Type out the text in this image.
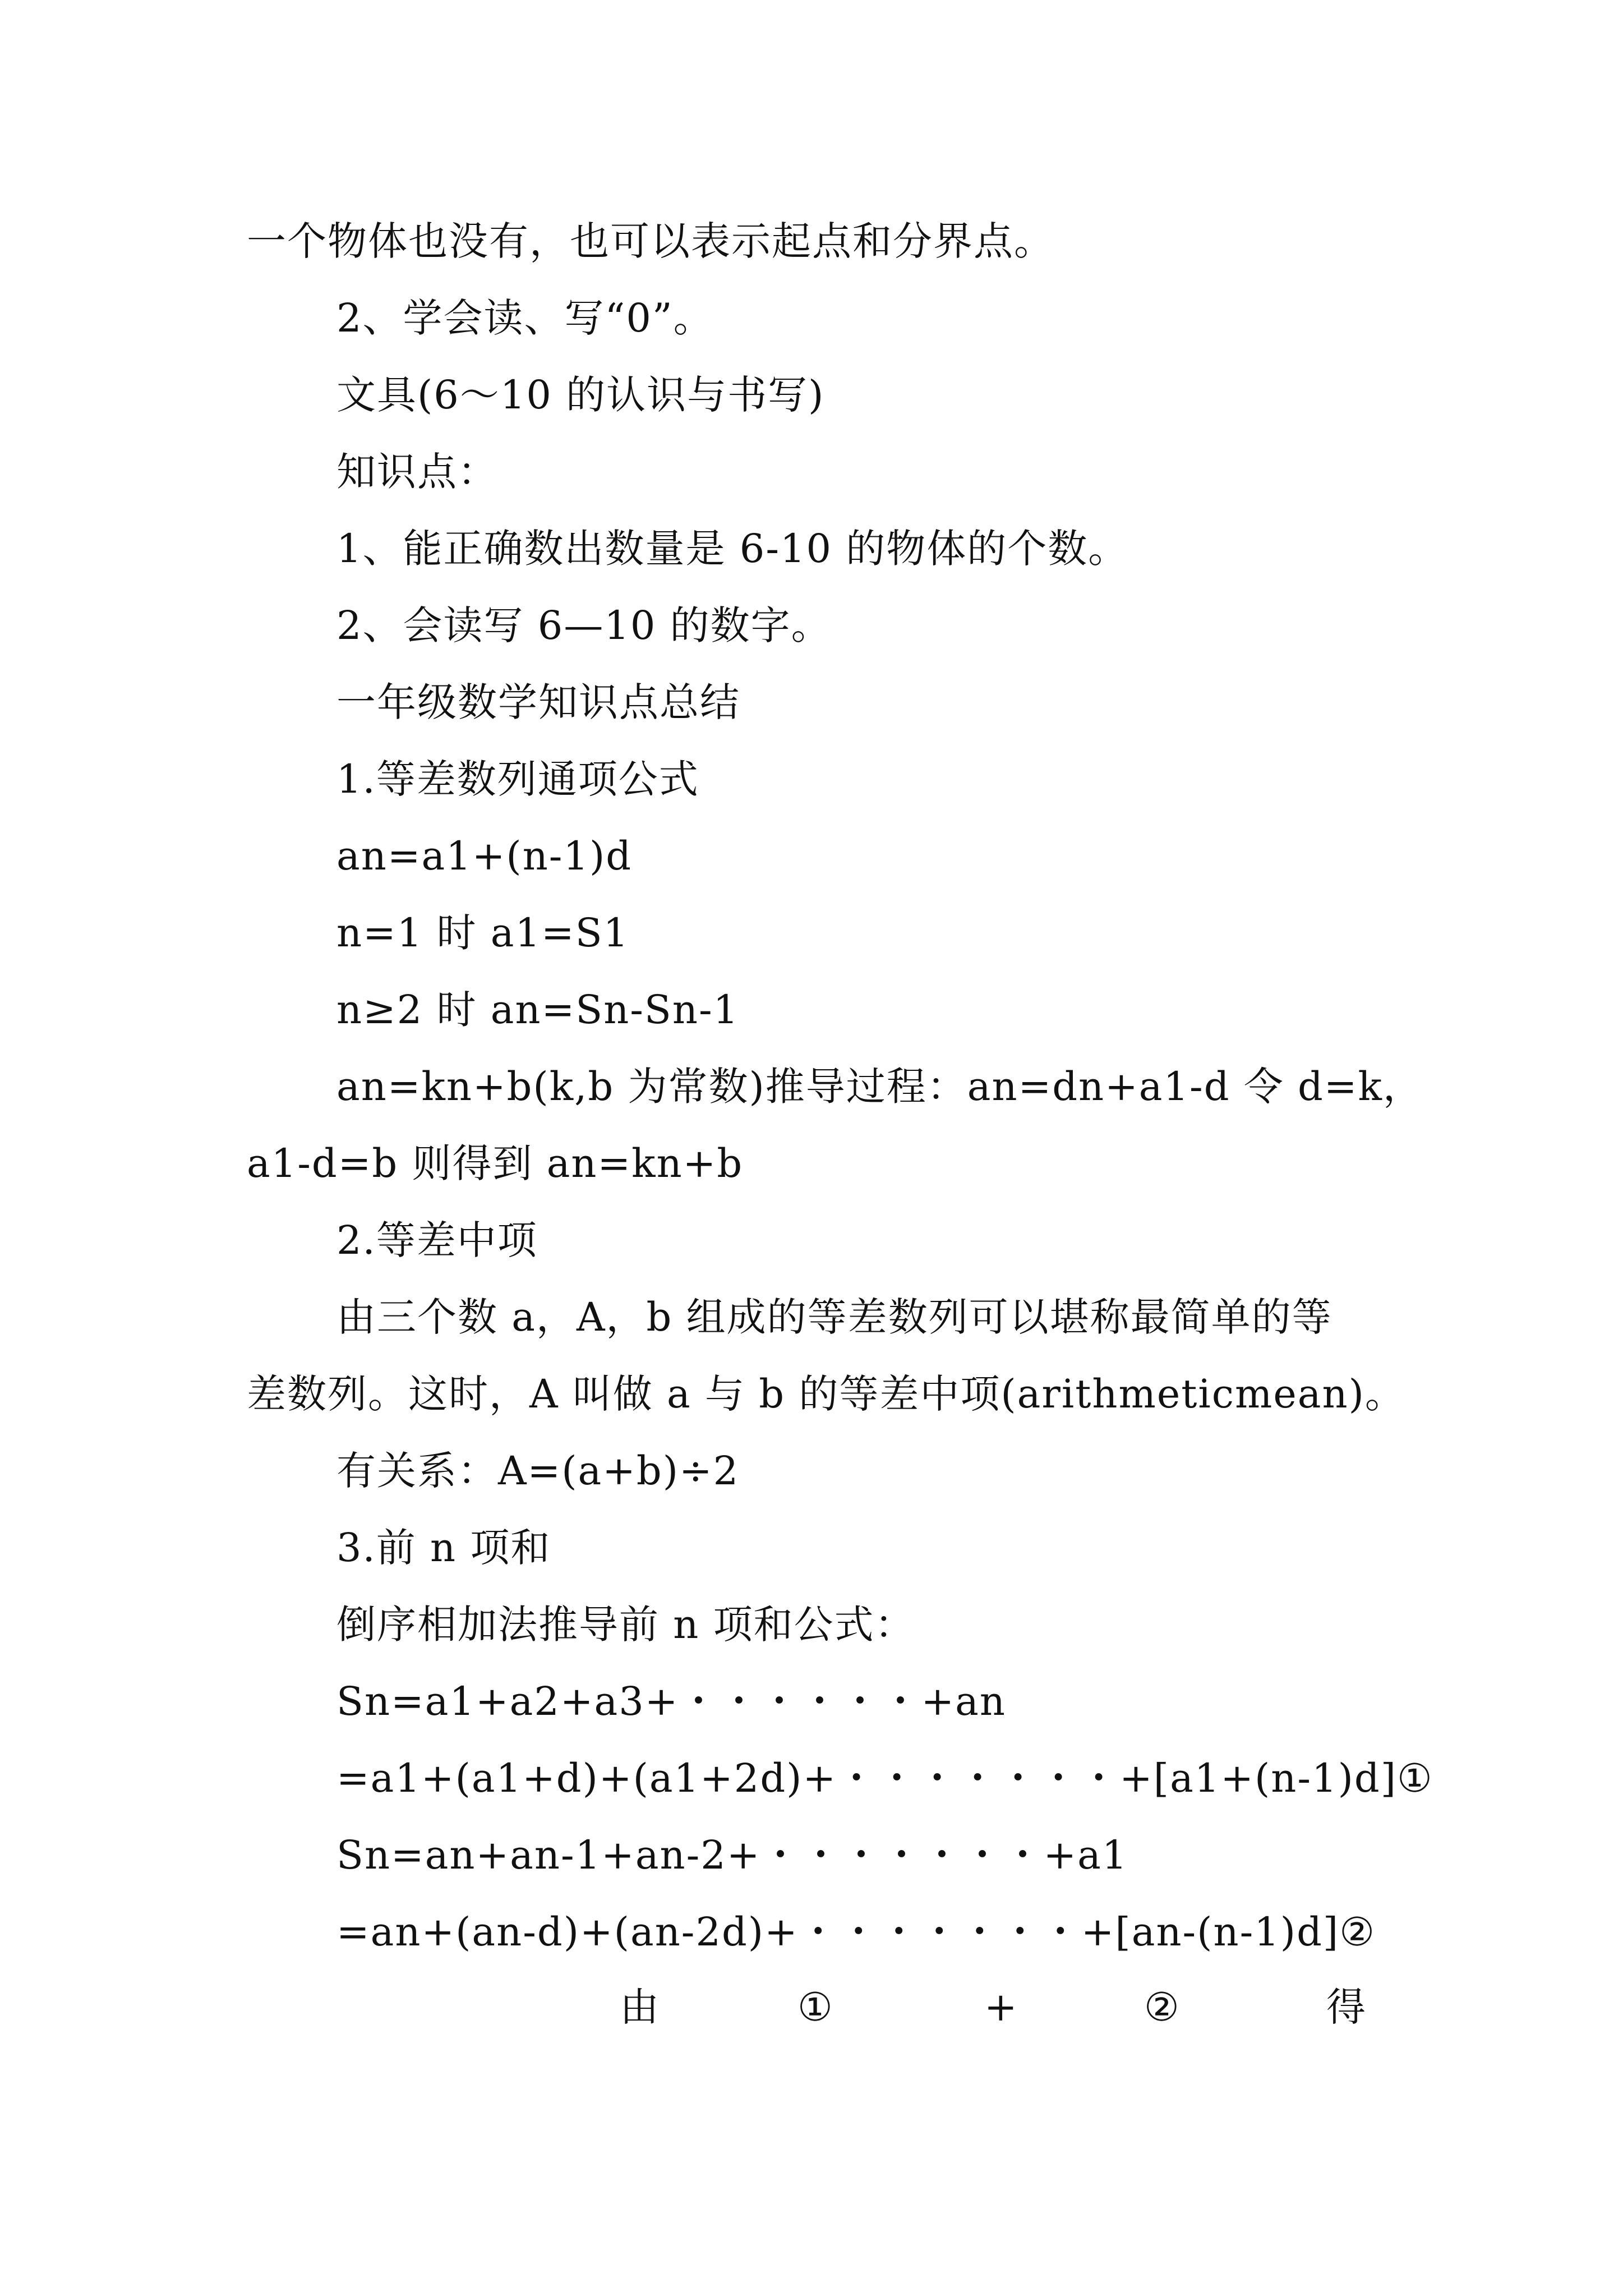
一个物体也没有，也可以表示起点和分界点。
2、学会读、写“0”。
文具(6～10 的认识与书写)
知识点：
1、能正确数出数量是 6-10 的物体的个数。
2、会读写 6—10 的数字。
一年级数学知识点总结
1.等差数列通项公式
an=a1+(n-1)d
n=1 时 a1=S1
n≥2 时 an=Sn-Sn-1
an=kn+b(k,b 为常数)推导过程：an=dn+a1-d 令 d=k，
a1-d=b 则得到 an=kn+b
2.等差中项
由三个数 a，A，b 组成的等差数列可以堪称最简单的等
差数列。这时，A 叫做 a 与 b 的等差中项(arithmeticmean)。
有关系：A=(a+b)÷2
3.前 n 项和
倒序相加法推导前 n 项和公式：
Sn=a1+a2+a3+・・・・・・+an
=a1+(a1+d)+(a1+2d)+・・・・・・・+[a1+(n-1)d]①
Sn=an+an-1+an-2+・・・・・・・+a1
=an+(an-d)+(an-2d)+・・・・・・・+[an-(n-1)d]②
由	①	+	②	得
